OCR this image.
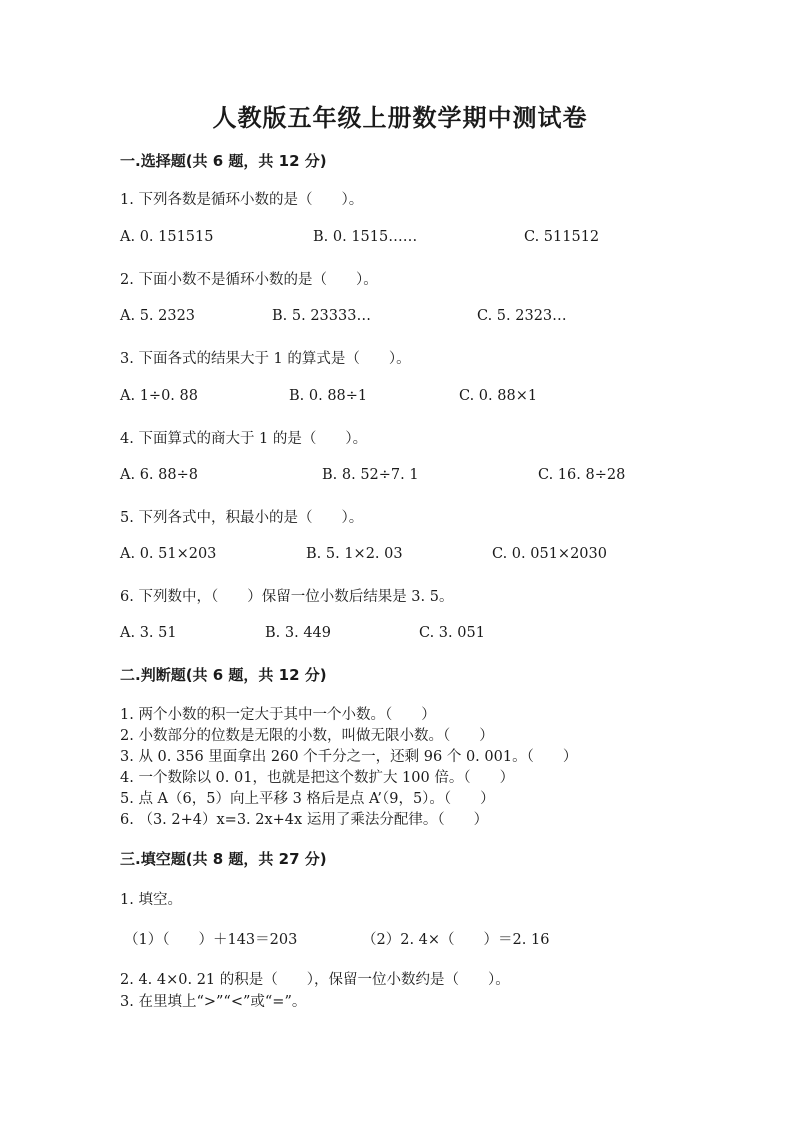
人教版五年级上册数学期中测试卷
一.选择题(共 6 题，共 12 分)
1. 下列各数是循环小数的是（　　）。
A. 0. 151515	B. 0. 1515……	C. 511512
2. 下面小数不是循环小数的是（　　）。
A. 5. 2323	B. 5. 23333…	C. 5. 2323…
3. 下面各式的结果大于 1 的算式是（　　）。
A. 1÷0. 88	B. 0. 88÷1	C. 0. 88×1
4. 下面算式的商大于 1 的是（　　）。
A. 6. 88÷8	B. 8. 52÷7. 1	C. 16. 8÷28
5. 下列各式中，积最小的是（　　）。
A. 0. 51×203	B. 5. 1×2. 03	C. 0. 051×2030
6. 下列数中，（　　）保留一位小数后结果是 3. 5。
A. 3. 51	B. 3. 449	C. 3. 051
二.判断题(共 6 题，共 12 分)
1. 两个小数的积一定大于其中一个小数。（　　）
2. 小数部分的位数是无限的小数，叫做无限小数。（　　）
3. 从 0. 356 里面拿出 260 个千分之一，还剩 96 个 0. 001。（　　）
4. 一个数除以 0. 01，也就是把这个数扩大 100 倍。（　　）
5. 点 A（6，5）向上平移 3 格后是点 A’（9，5）。（　　）
6. （3. 2+4）x=3. 2x+4x 运用了乘法分配律。（　　）
三.填空题(共 8 题，共 27 分)
1. 填空。
（1）（　　）＋143＝203	（2）2. 4×（　　）＝2. 16
2. 4. 4×0. 21 的积是（　　），保留一位小数约是（　　）。
3. 在里填上“>”“<”或“=”。
